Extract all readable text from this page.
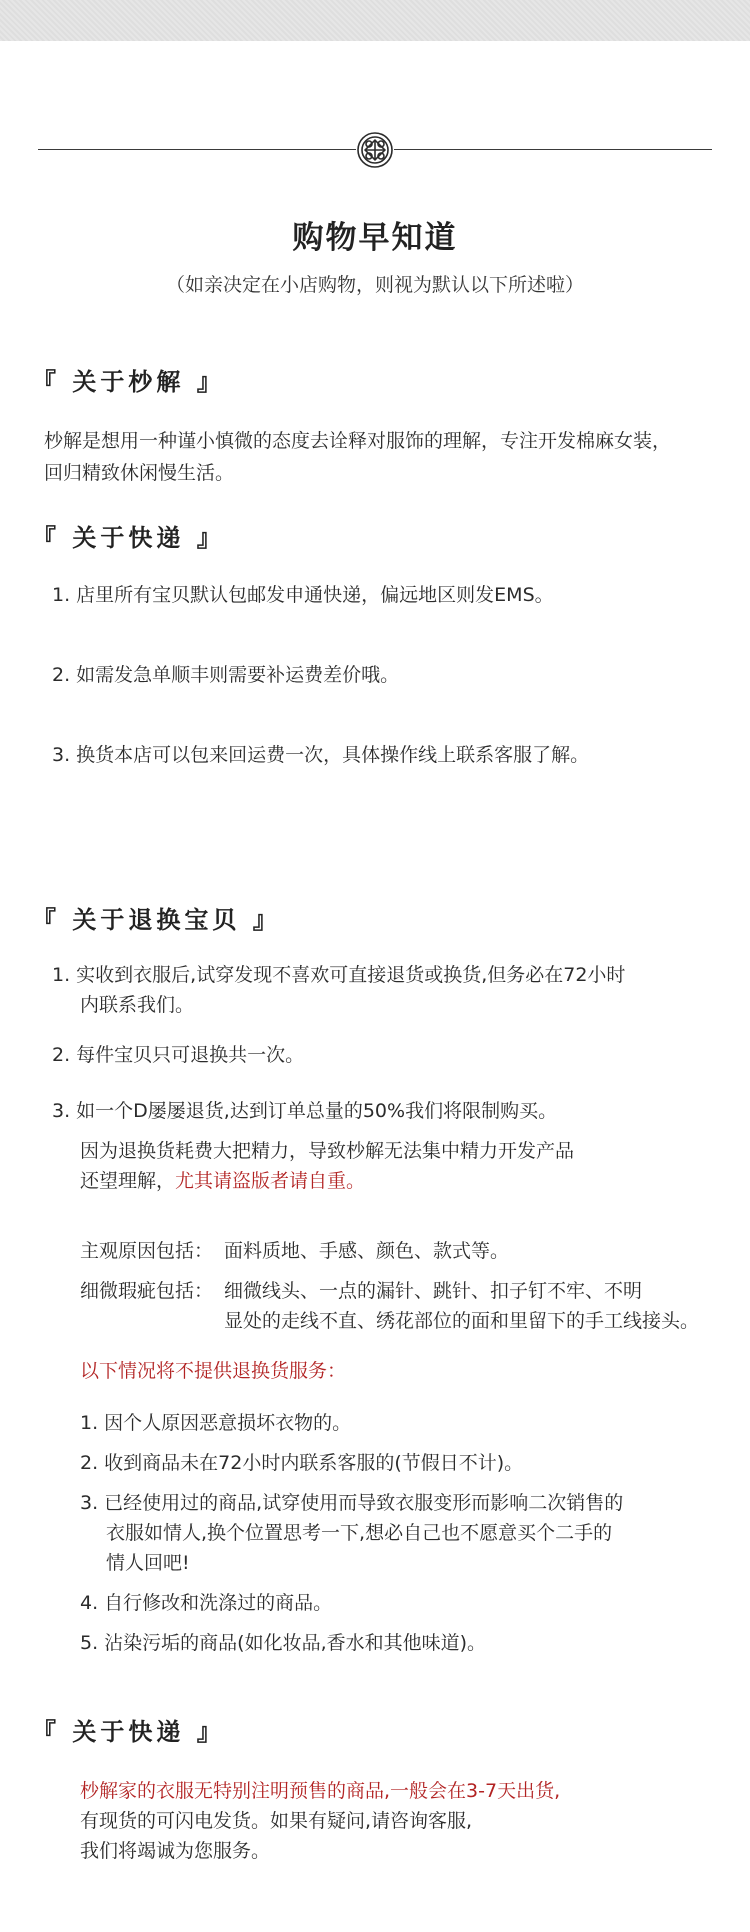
购物早知道
（如亲决定在小店购物，则视为默认以下所述啦）
『 关于杪解 』
杪解是想用一种谨小慎微的态度去诠释对服饰的理解，专注开发棉麻女装，
回归精致休闲慢生活。
『 关于快递 』
1. 店里所有宝贝默认包邮发申通快递，偏远地区则发EMS。
2. 如需发急单顺丰则需要补运费差价哦。
3. 换货本店可以包来回运费一次，具体操作线上联系客服了解。
『 关于退换宝贝 』
1. 实收到衣服后,试穿发现不喜欢可直接退货或换货,但务必在72小时
内联系我们。
2. 每件宝贝只可退换共一次。
3. 如一个D屡屡退货,达到订单总量的50%我们将限制购买。
因为退换货耗费大把精力，导致杪解无法集中精力开发产品
还望理解，尤其请盗版者请自重。
主观原因包括： 面料质地、手感、颜色、款式等。
细微瑕疵包括： 细微线头、一点的漏针、跳针、扣子钉不牢、不明
显处的走线不直、绣花部位的面和里留下的手工线接头。
以下情况将不提供退换货服务：
1. 因个人原因恶意损坏衣物的。
2. 收到商品未在72小时内联系客服的(节假日不计)。
3. 已经使用过的商品,试穿使用而导致衣服变形而影响二次销售的
衣服如情人,换个位置思考一下,想必自己也不愿意买个二手的
情人回吧!
4. 自行修改和洗涤过的商品。
5. 沾染污垢的商品(如化妆品,香水和其他味道)。
『 关于快递 』
杪解家的衣服无特别注明预售的商品,一般会在3-7天出货,
有现货的可闪电发货。如果有疑问,请咨询客服,
我们将竭诚为您服务。
